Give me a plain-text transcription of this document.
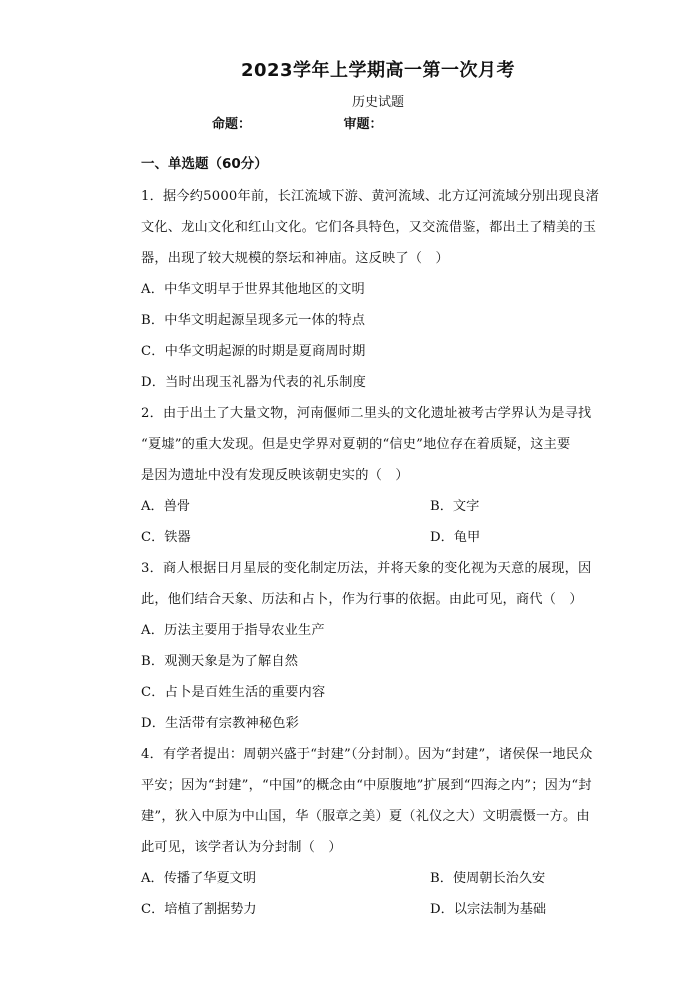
2023学年上学期高一第一次月考
历史试题
命题：	审题：
一、单选题（60分）
1．据今约5000年前，长江流域下游、黄河流域、北方辽河流域分别出现良渚
文化、龙山文化和红山文化。它们各具特色，又交流借鉴，都出土了精美的玉
器，出现了较大规模的祭坛和神庙。这反映了（　）
A．中华文明早于世界其他地区的文明
B．中华文明起源呈现多元一体的特点
C．中华文明起源的时期是夏商周时期
D．当时出现玉礼器为代表的礼乐制度
2．由于出土了大量文物，河南偃师二里头的文化遗址被考古学界认为是寻找
“夏墟”的重大发现。但是史学界对夏朝的“信史”地位存在着质疑，这主要
是因为遗址中没有发现反映该朝史实的（　）
A．兽骨	B．文字
C．铁器	D．龟甲
3．商人根据日月星辰的变化制定历法，并将天象的变化视为天意的展现，因
此，他们结合天象、历法和占卜，作为行事的依据。由此可见，商代（　）
A．历法主要用于指导农业生产
B．观测天象是为了解自然
C．占卜是百姓生活的重要内容
D．生活带有宗教神秘色彩
4．有学者提出：周朝兴盛于“封建”（分封制）。因为“封建”，诸侯保一地民众
平安；因为“封建”，“中国”的概念由“中原腹地”扩展到“四海之内”；因为“封
建”，狄入中原为中山国，华（服章之美）夏（礼仪之大）文明震慑一方。由
此可见，该学者认为分封制（　）
A．传播了华夏文明	B．使周朝长治久安
C．培植了割据势力	D．以宗法制为基础
